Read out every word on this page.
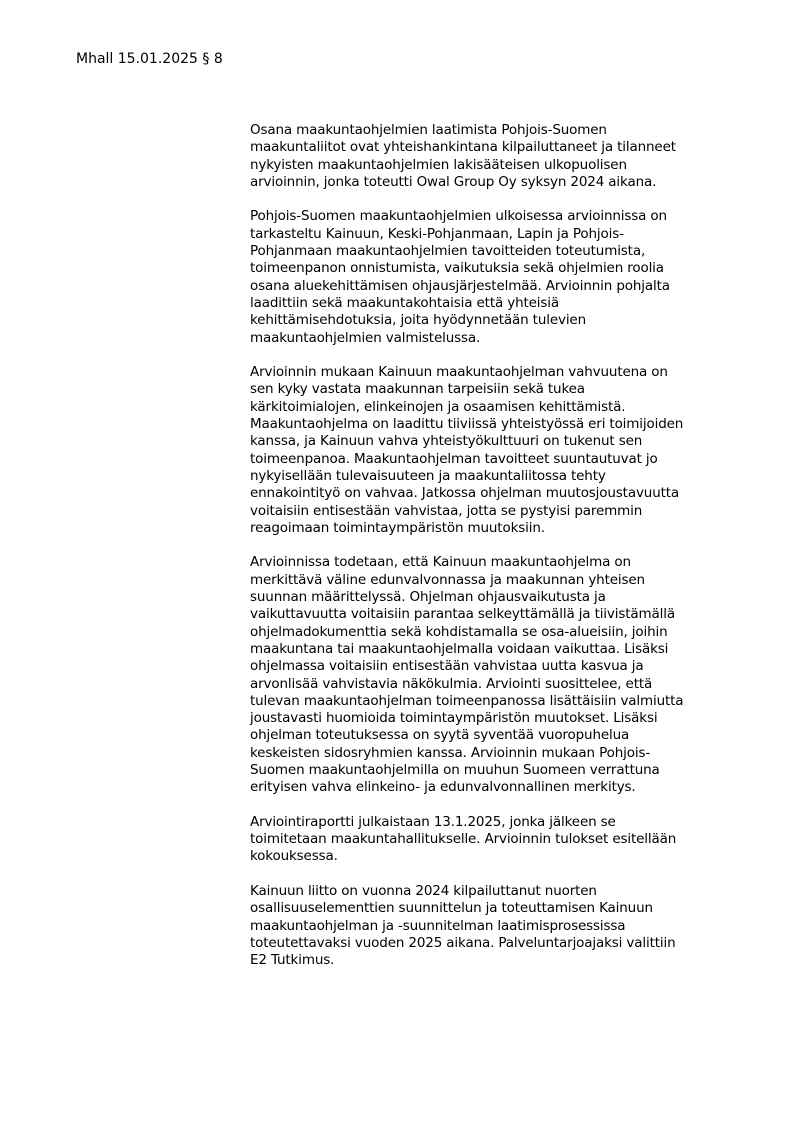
Mhall 15.01.2025 § 8
Osana maakuntaohjelmien laatimista Pohjois-Suomen
maakuntaliitot ovat yhteishankintana kilpailuttaneet ja tilanneet
nykyisten maakuntaohjelmien lakisääteisen ulkopuolisen
arvioinnin, jonka toteutti Owal Group Oy syksyn 2024 aikana.
Pohjois-Suomen maakuntaohjelmien ulkoisessa arvioinnissa on
tarkasteltu Kainuun, Keski-Pohjanmaan, Lapin ja Pohjois-
Pohjanmaan maakuntaohjelmien tavoitteiden toteutumista,
toimeenpanon onnistumista, vaikutuksia sekä ohjelmien roolia
osana aluekehittämisen ohjausjärjestelmää. Arvioinnin pohjalta
laadittiin sekä maakuntakohtaisia että yhteisiä
kehittämisehdotuksia, joita hyödynnetään tulevien
maakuntaohjelmien valmistelussa.
Arvioinnin mukaan Kainuun maakuntaohjelman vahvuutena on
sen kyky vastata maakunnan tarpeisiin sekä tukea
kärkitoimialojen, elinkeinojen ja osaamisen kehittämistä.
Maakuntaohjelma on laadittu tiiviissä yhteistyössä eri toimijoiden
kanssa, ja Kainuun vahva yhteistyökulttuuri on tukenut sen
toimeenpanoa. Maakuntaohjelman tavoitteet suuntautuvat jo
nykyisellään tulevaisuuteen ja maakuntaliitossa tehty
ennakointityö on vahvaa. Jatkossa ohjelman muutosjoustavuutta
voitaisiin entisestään vahvistaa, jotta se pystyisi paremmin
reagoimaan toimintaympäristön muutoksiin.
Arvioinnissa todetaan, että Kainuun maakuntaohjelma on
merkittävä väline edunvalvonnassa ja maakunnan yhteisen
suunnan määrittelyssä. Ohjelman ohjausvaikutusta ja
vaikuttavuutta voitaisiin parantaa selkeyttämällä ja tiivistämällä
ohjelmadokumenttia sekä kohdistamalla se osa-alueisiin, joihin
maakuntana tai maakuntaohjelmalla voidaan vaikuttaa. Lisäksi
ohjelmassa voitaisiin entisestään vahvistaa uutta kasvua ja
arvonlisää vahvistavia näkökulmia. Arviointi suosittelee, että
tulevan maakuntaohjelman toimeenpanossa lisättäisiin valmiutta
joustavasti huomioida toimintaympäristön muutokset. Lisäksi
ohjelman toteutuksessa on syytä syventää vuoropuhelua
keskeisten sidosryhmien kanssa. Arvioinnin mukaan Pohjois-
Suomen maakuntaohjelmilla on muuhun Suomeen verrattuna
erityisen vahva elinkeino- ja edunvalvonnallinen merkitys.
Arviointiraportti julkaistaan 13.1.2025, jonka jälkeen se
toimitetaan maakuntahallitukselle. Arvioinnin tulokset esitellään
kokouksessa.
Kainuun liitto on vuonna 2024 kilpailuttanut nuorten
osallisuuselementtien suunnittelun ja toteuttamisen Kainuun
maakuntaohjelman ja -suunnitelman laatimisprosessissa
toteutettavaksi vuoden 2025 aikana. Palveluntarjoajaksi valittiin
E2 Tutkimus.
